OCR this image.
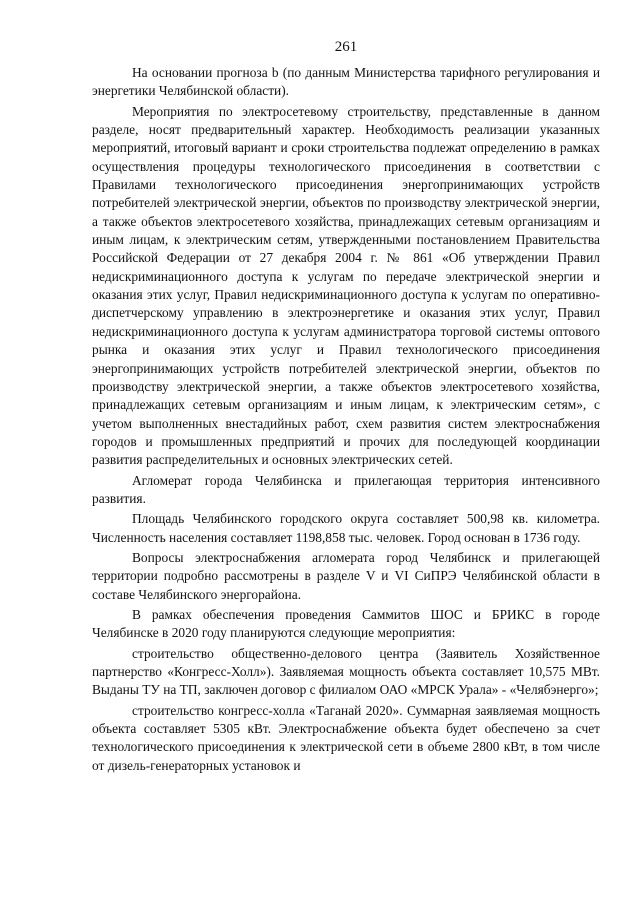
261

На основании прогноза b (по данным Министерства тарифного регулирования и энергетики Челябинской области).

Мероприятия по электросетевому строительству, представленные в данном разделе, носят предварительный характер. Необходимость реализации указанных мероприятий, итоговый вариант и сроки строительства подлежат определению в рамках осуществления процедуры технологического присоединения в соответствии с Правилами технологического присоединения энергопринимающих устройств потребителей электрической энергии, объектов по производству электрической энергии, а также объектов электросетевого хозяйства, принадлежащих сетевым организациям и иным лицам, к электрическим сетям, утвержденными постановлением Правительства Российской Федерации от 27 декабря 2004 г. № 861 «Об утверждении Правил недискриминационного доступа к услугам по передаче электрической энергии и оказания этих услуг, Правил недискриминационного доступа к услугам по оперативно-диспетчерскому управлению в электроэнергетике и оказания этих услуг, Правил недискриминационного доступа к услугам администратора торговой системы оптового рынка и оказания этих услуг и Правил технологического присоединения энергопринимающих устройств потребителей электрической энергии, объектов по производству электрической энергии, а также объектов электросетевого хозяйства, принадлежащих сетевым организациям и иным лицам, к электрическим сетям», с учетом выполненных внестадийных работ, схем развития систем электроснабжения городов и промышленных предприятий и прочих для последующей координации развития распределительных и основных электрических сетей.

Агломерат города Челябинска и прилегающая территория интенсивного развития.

Площадь Челябинского городского округа составляет 500,98 кв. километра. Численность населения составляет 1198,858 тыс. человек. Город основан в 1736 году.

Вопросы электроснабжения агломерата город Челябинск и прилегающей территории подробно рассмотрены в разделе V и VI СиПРЭ Челябинской области в составе Челябинского энергорайона.

В рамках обеспечения проведения Саммитов ШОС и БРИКС в городе Челябинске в 2020 году планируются следующие мероприятия:

строительство общественно-делового центра (Заявитель Хозяйственное партнерство «Конгресс-Холл»). Заявляемая мощность объекта составляет 10,575 МВт. Выданы ТУ на ТП, заключен договор с филиалом ОАО «МРСК Урала» - «Челябэнерго»;

строительство конгресс-холла «Таганай 2020». Суммарная заявляемая мощность объекта составляет 5305 кВт. Электроснабжение объекта будет обеспечено за счет технологического присоединения к электрической сети в объеме 2800 кВт, в том числе от дизель-генераторных установок и
